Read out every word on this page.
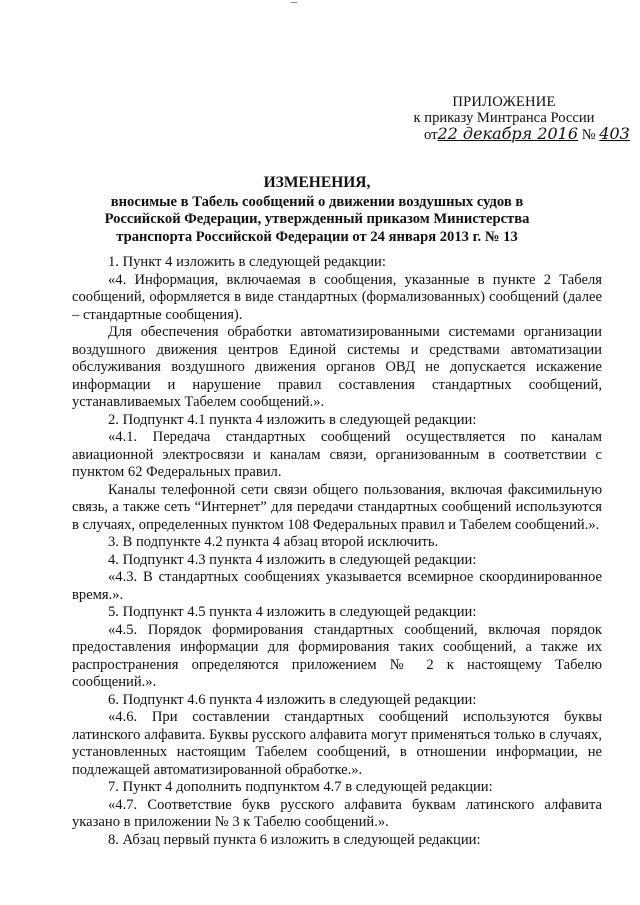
ПРИЛОЖЕНИЕ
к приказу Минтранса России
от22 декабря 2016 № 403
ИЗМЕНЕНИЯ,
вносимые в Табель сообщений о движении воздушных судов в Российской Федерации, утвержденный приказом Министерства транспорта Российской Федерации от 24 января 2013 г. № 13

1. Пункт 4 изложить в следующей редакции:

«4. Информация, включаемая в сообщения, указанные в пункте 2 Табеля сообщений, оформляется в виде стандартных (формализованных) сообщений (далее – стандартные сообщения).

Для обеспечения обработки автоматизированными системами организации воздушного движения центров Единой системы и средствами автоматизации обслуживания воздушного движения органов ОВД не допускается искажение информации и нарушение правил составления стандартных сообщений, устанавливаемых Табелем сообщений.».

2. Подпункт 4.1 пункта 4 изложить в следующей редакции:

«4.1. Передача стандартных сообщений осуществляется по каналам авиационной электросвязи и каналам связи, организованным в соответствии с пунктом 62 Федеральных правил.

Каналы телефонной сети связи общего пользования, включая факсимильную связь, а также сеть “Интернет” для передачи стандартных сообщений используются в случаях, определенных пунктом 108 Федеральных правил и Табелем сообщений.».

3. В подпункте 4.2 пункта 4 абзац второй исключить.

4. Подпункт 4.3 пункта 4 изложить в следующей редакции:

«4.3. В стандартных сообщениях указывается всемирное скоординированное время.».

5. Подпункт 4.5 пункта 4 изложить в следующей редакции:

«4.5. Порядок формирования стандартных сообщений, включая порядок предоставления информации для формирования таких сообщений, а также их распространения определяются приложением № 2 к настоящему Табелю сообщений.».

6. Подпункт 4.6 пункта 4 изложить в следующей редакции:

«4.6. При составлении стандартных сообщений используются буквы латинского алфавита. Буквы русского алфавита могут применяться только в случаях, установленных настоящим Табелем сообщений, в отношении информации, не подлежащей автоматизированной обработке.».

7. Пункт 4 дополнить подпунктом 4.7 в следующей редакции:

«4.7. Соответствие букв русского алфавита буквам латинского алфавита указано в приложении № 3 к Табелю сообщений.».

8. Абзац первый пункта 6 изложить в следующей редакции:
